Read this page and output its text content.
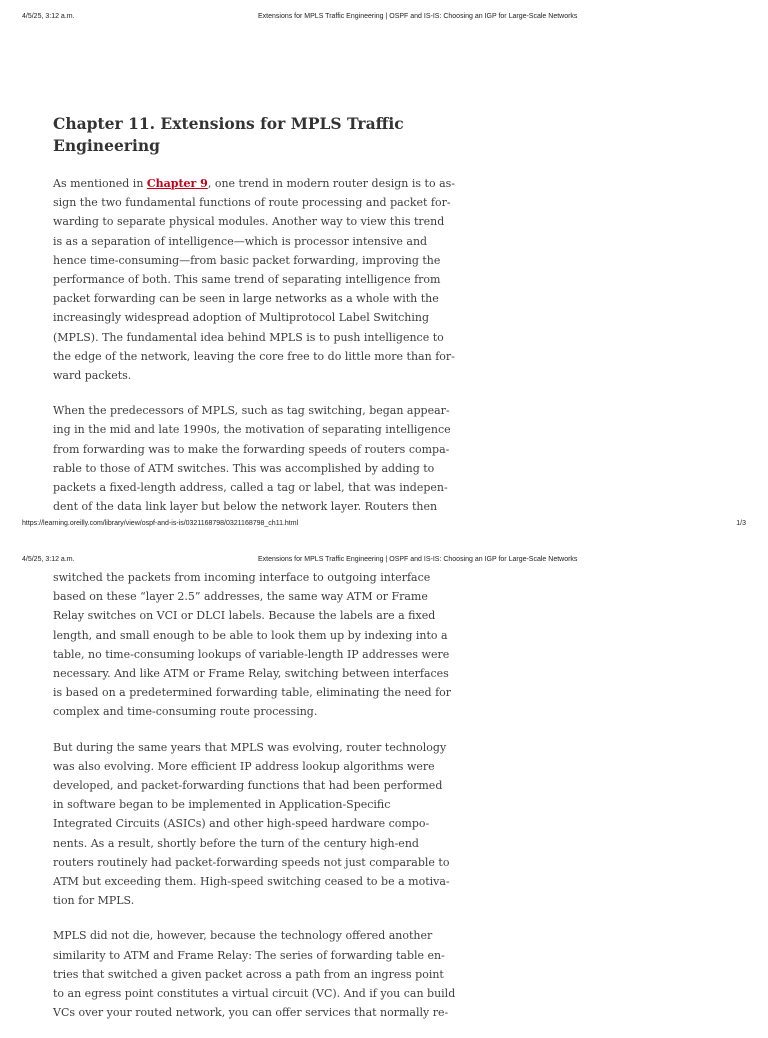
4/5/25, 3:12 a.m.	Extensions for MPLS Traffic Engineering | OSPF and IS-IS: Choosing an IGP for Large-Scale Networks
Chapter 11. Extensions for MPLS Traffic
Engineering

As mentioned in Chapter 9, one trend in modern router design is to as-
sign the two fundamental functions of route processing and packet for-
warding to separate physical modules. Another way to view this trend
is as a separation of intelligence—which is processor intensive and
hence time-consuming—from basic packet forwarding, improving the
performance of both. This same trend of separating intelligence from
packet forwarding can be seen in large networks as a whole with the
increasingly widespread adoption of Multiprotocol Label Switching
(MPLS). The fundamental idea behind MPLS is to push intelligence to
the edge of the network, leaving the core free to do little more than for-
ward packets.

When the predecessors of MPLS, such as tag switching, began appear-
ing in the mid and late 1990s, the motivation of separating intelligence
from forwarding was to make the forwarding speeds of routers compa-
rable to those of ATM switches. This was accomplished by adding to
packets a fixed-length address, called a tag or label, that was indepen-
dent of the data link layer but below the network layer. Routers then

https://learning.oreilly.com/library/view/ospf-and-is-is/0321168798/0321168798_ch11.html	1/3
4/5/25, 3:12 a.m.	Extensions for MPLS Traffic Engineering | OSPF and IS-IS: Choosing an IGP for Large-Scale Networks

switched the packets from incoming interface to outgoing interface
based on these “layer 2.5” addresses, the same way ATM or Frame
Relay switches on VCI or DLCI labels. Because the labels are a fixed
length, and small enough to be able to look them up by indexing into a
table, no time-consuming lookups of variable-length IP addresses were
necessary. And like ATM or Frame Relay, switching between interfaces
is based on a predetermined forwarding table, eliminating the need for
complex and time-consuming route processing.

But during the same years that MPLS was evolving, router technology
was also evolving. More efficient IP address lookup algorithms were
developed, and packet-forwarding functions that had been performed
in software began to be implemented in Application-Specific
Integrated Circuits (ASICs) and other high-speed hardware compo-
nents. As a result, shortly before the turn of the century high-end
routers routinely had packet-forwarding speeds not just comparable to
ATM but exceeding them. High-speed switching ceased to be a motiva-
tion for MPLS.

MPLS did not die, however, because the technology offered another
similarity to ATM and Frame Relay: The series of forwarding table en-
tries that switched a given packet across a path from an ingress point
to an egress point constitutes a virtual circuit (VC). And if you can build
VCs over your routed network, you can offer services that normally re-
